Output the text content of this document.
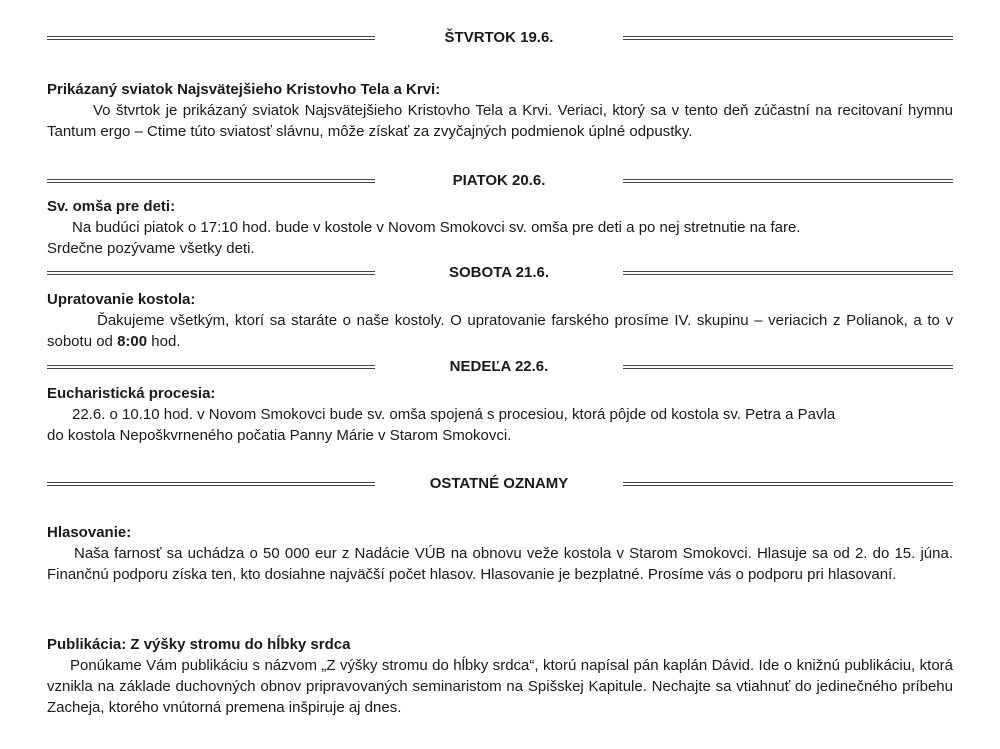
ŠTVRTOK 19.6.

Prikázaný sviatok Najsvätejšieho Kristovho Tela a Krvi:

Vo štvrtok je prikázaný sviatok Najsvätejšieho Kristovho Tela a Krvi. Veriaci, ktorý sa v tento deň zúčastní na recitovaní hymnu Tantum ergo – Ctime túto sviatosť slávnu, môže získať za zvyčajných podmienok úplné odpustky.

PIATOK 20.6.

Sv. omša pre deti:

Na budúci piatok o 17:10 hod. bude v kostole v Novom Smokovci sv. omša pre deti a po nej stretnutie na fare.

Srdečne pozývame všetky deti.

SOBOTA 21.6.

Upratovanie kostola:

Ďakujeme všetkým, ktorí sa staráte o naše kostoly. O upratovanie farského prosíme IV. skupinu – veriacich z Polianok, a to v sobotu od 8:00 hod.

NEDEĽA 22.6.

Eucharistická procesia:

22.6. o 10.10 hod. v Novom Smokovci bude sv. omša spojená s procesiou, ktorá pôjde od kostola sv. Petra a Pavla

do kostola Nepoškvrneného počatia Panny Márie v Starom Smokovci.

OSTATNÉ OZNAMY

Hlasovanie:

Naša farnosť sa uchádza o 50 000 eur z Nadácie VÚB na obnovu veže kostola v Starom Smokovci. Hlasuje sa od 2. do 15. júna. Finančnú podporu získa ten, kto dosiahne najväčší počet hlasov. Hlasovanie je bezplatné. Prosíme vás o podporu pri hlasovaní.

Publikácia: Z výšky stromu do hĺbky srdca

Ponúkame Vám publikáciu s názvom „Z výšky stromu do hĺbky srdca“, ktorú napísal pán kaplán Dávid. Ide o knižnú publikáciu, ktorá vznikla na základe duchovných obnov pripravovaných seminaristom na Spišskej Kapitule. Nechajte sa vtiahnuť do jedinečného príbehu Zacheja, ktorého vnútorná premena inšpiruje aj dnes.
